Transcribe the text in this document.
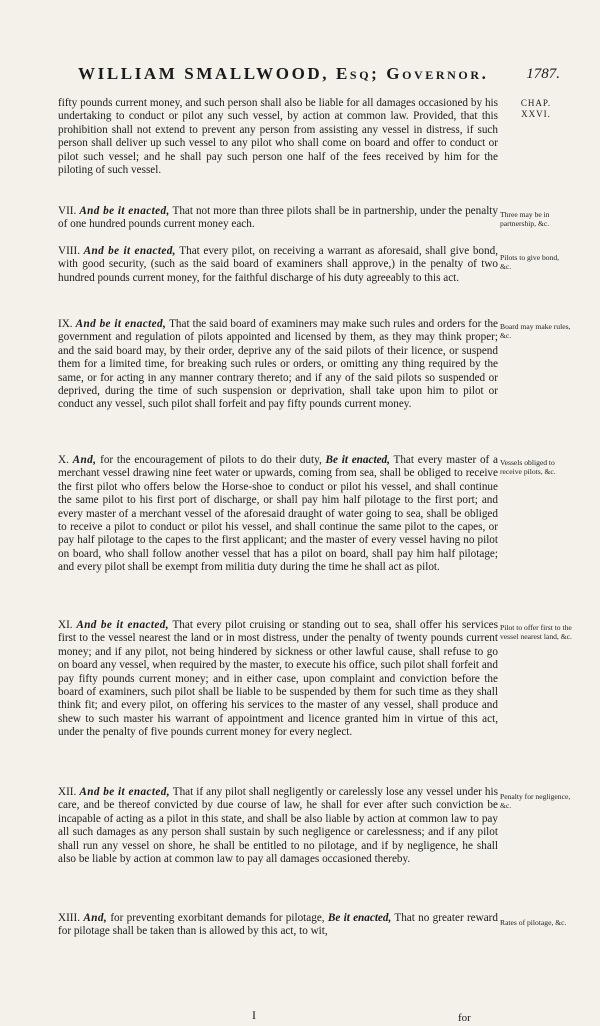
WILLIAM SMALLWOOD, Esq; Governor.	1787.
CHAP.
XXVI.
fifty pounds current money, and such person shall also be liable for all damages occasioned by his undertaking to conduct or pilot any such vessel, by action at common law. Provided, that this prohibition shall not extend to prevent any person from assisting any vessel in distress, if such person shall deliver up such vessel to any pilot who shall come on board and offer to conduct or pilot such vessel; and he shall pay such person one half of the fees received by him for the piloting of such vessel.
VII. And be it enacted, That not more than three pilots shall be in partnership, under the penalty of one hundred pounds current money each.
Three may be in partnership, &c.
VIII. And be it enacted, That every pilot, on receiving a warrant as aforesaid, shall give bond, with good security, (such as the said board of examiners shall approve,) in the penalty of two hundred pounds current money, for the faithful discharge of his duty agreeably to this act.
Pilots to give bond, &c.
IX. And be it enacted, That the said board of examiners may make such rules and orders for the government and regulation of pilots appointed and licensed by them, as they may think proper; and the said board may, by their order, deprive any of the said pilots of their licence, or suspend them for a limited time, for breaking such rules or orders, or omitting any thing required by the same, or for acting in any manner contrary thereto; and if any of the said pilots so suspended or deprived, during the time of such suspension or deprivation, shall take upon him to pilot or conduct any vessel, such pilot shall forfeit and pay fifty pounds current money.
Board may make rules, &c.
X. And, for the encouragement of pilots to do their duty, Be it enacted, That every master of a merchant vessel drawing nine feet water or upwards, coming from sea, shall be obliged to receive the first pilot who offers below the Horse-shoe to conduct or pilot his vessel, and shall continue the same pilot to his first port of discharge, or shall pay him half pilotage to the first port; and every master of a merchant vessel of the aforesaid draught of water going to sea, shall be obliged to receive a pilot to conduct or pilot his vessel, and shall continue the same pilot to the capes, or pay half pilotage to the capes to the first applicant; and the master of every vessel having no pilot on board, who shall follow another vessel that has a pilot on board, shall pay him half pilotage; and every pilot shall be exempt from militia duty during the time he shall act as pilot.
Vessels obliged to receive pilots, &c.
XI. And be it enacted, That every pilot cruising or standing out to sea, shall offer his services first to the vessel nearest the land or in most distress, under the penalty of twenty pounds current money; and if any pilot, not being hindered by sickness or other lawful cause, shall refuse to go on board any vessel, when required by the master, to execute his office, such pilot shall forfeit and pay fifty pounds current money; and in either case, upon complaint and conviction before the board of examiners, such pilot shall be liable to be suspended by them for such time as they shall think fit; and every pilot, on offering his services to the master of any vessel, shall produce and shew to such master his warrant of appointment and licence granted him in virtue of this act, under the penalty of five pounds current money for every neglect.
Pilot to offer first to the vessel nearest land, &c.
XII. And be it enacted, That if any pilot shall negligently or carelessly lose any vessel under his care, and be thereof convicted by due course of law, he shall for ever after such conviction be incapable of acting as a pilot in this state, and shall be also liable by action at common law to pay all such damages as any person shall sustain by such negligence or carelessness; and if any pilot shall run any vessel on shore, he shall be entitled to no pilotage, and if by negligence, he shall also be liable by action at common law to pay all damages occasioned thereby.
Penalty for negligence, &c.
XIII. And, for preventing exorbitant demands for pilotage, Be it enacted, That no greater reward for pilotage shall be taken than is allowed by this act, to wit,
Rates of pilotage, &c.
I	for
